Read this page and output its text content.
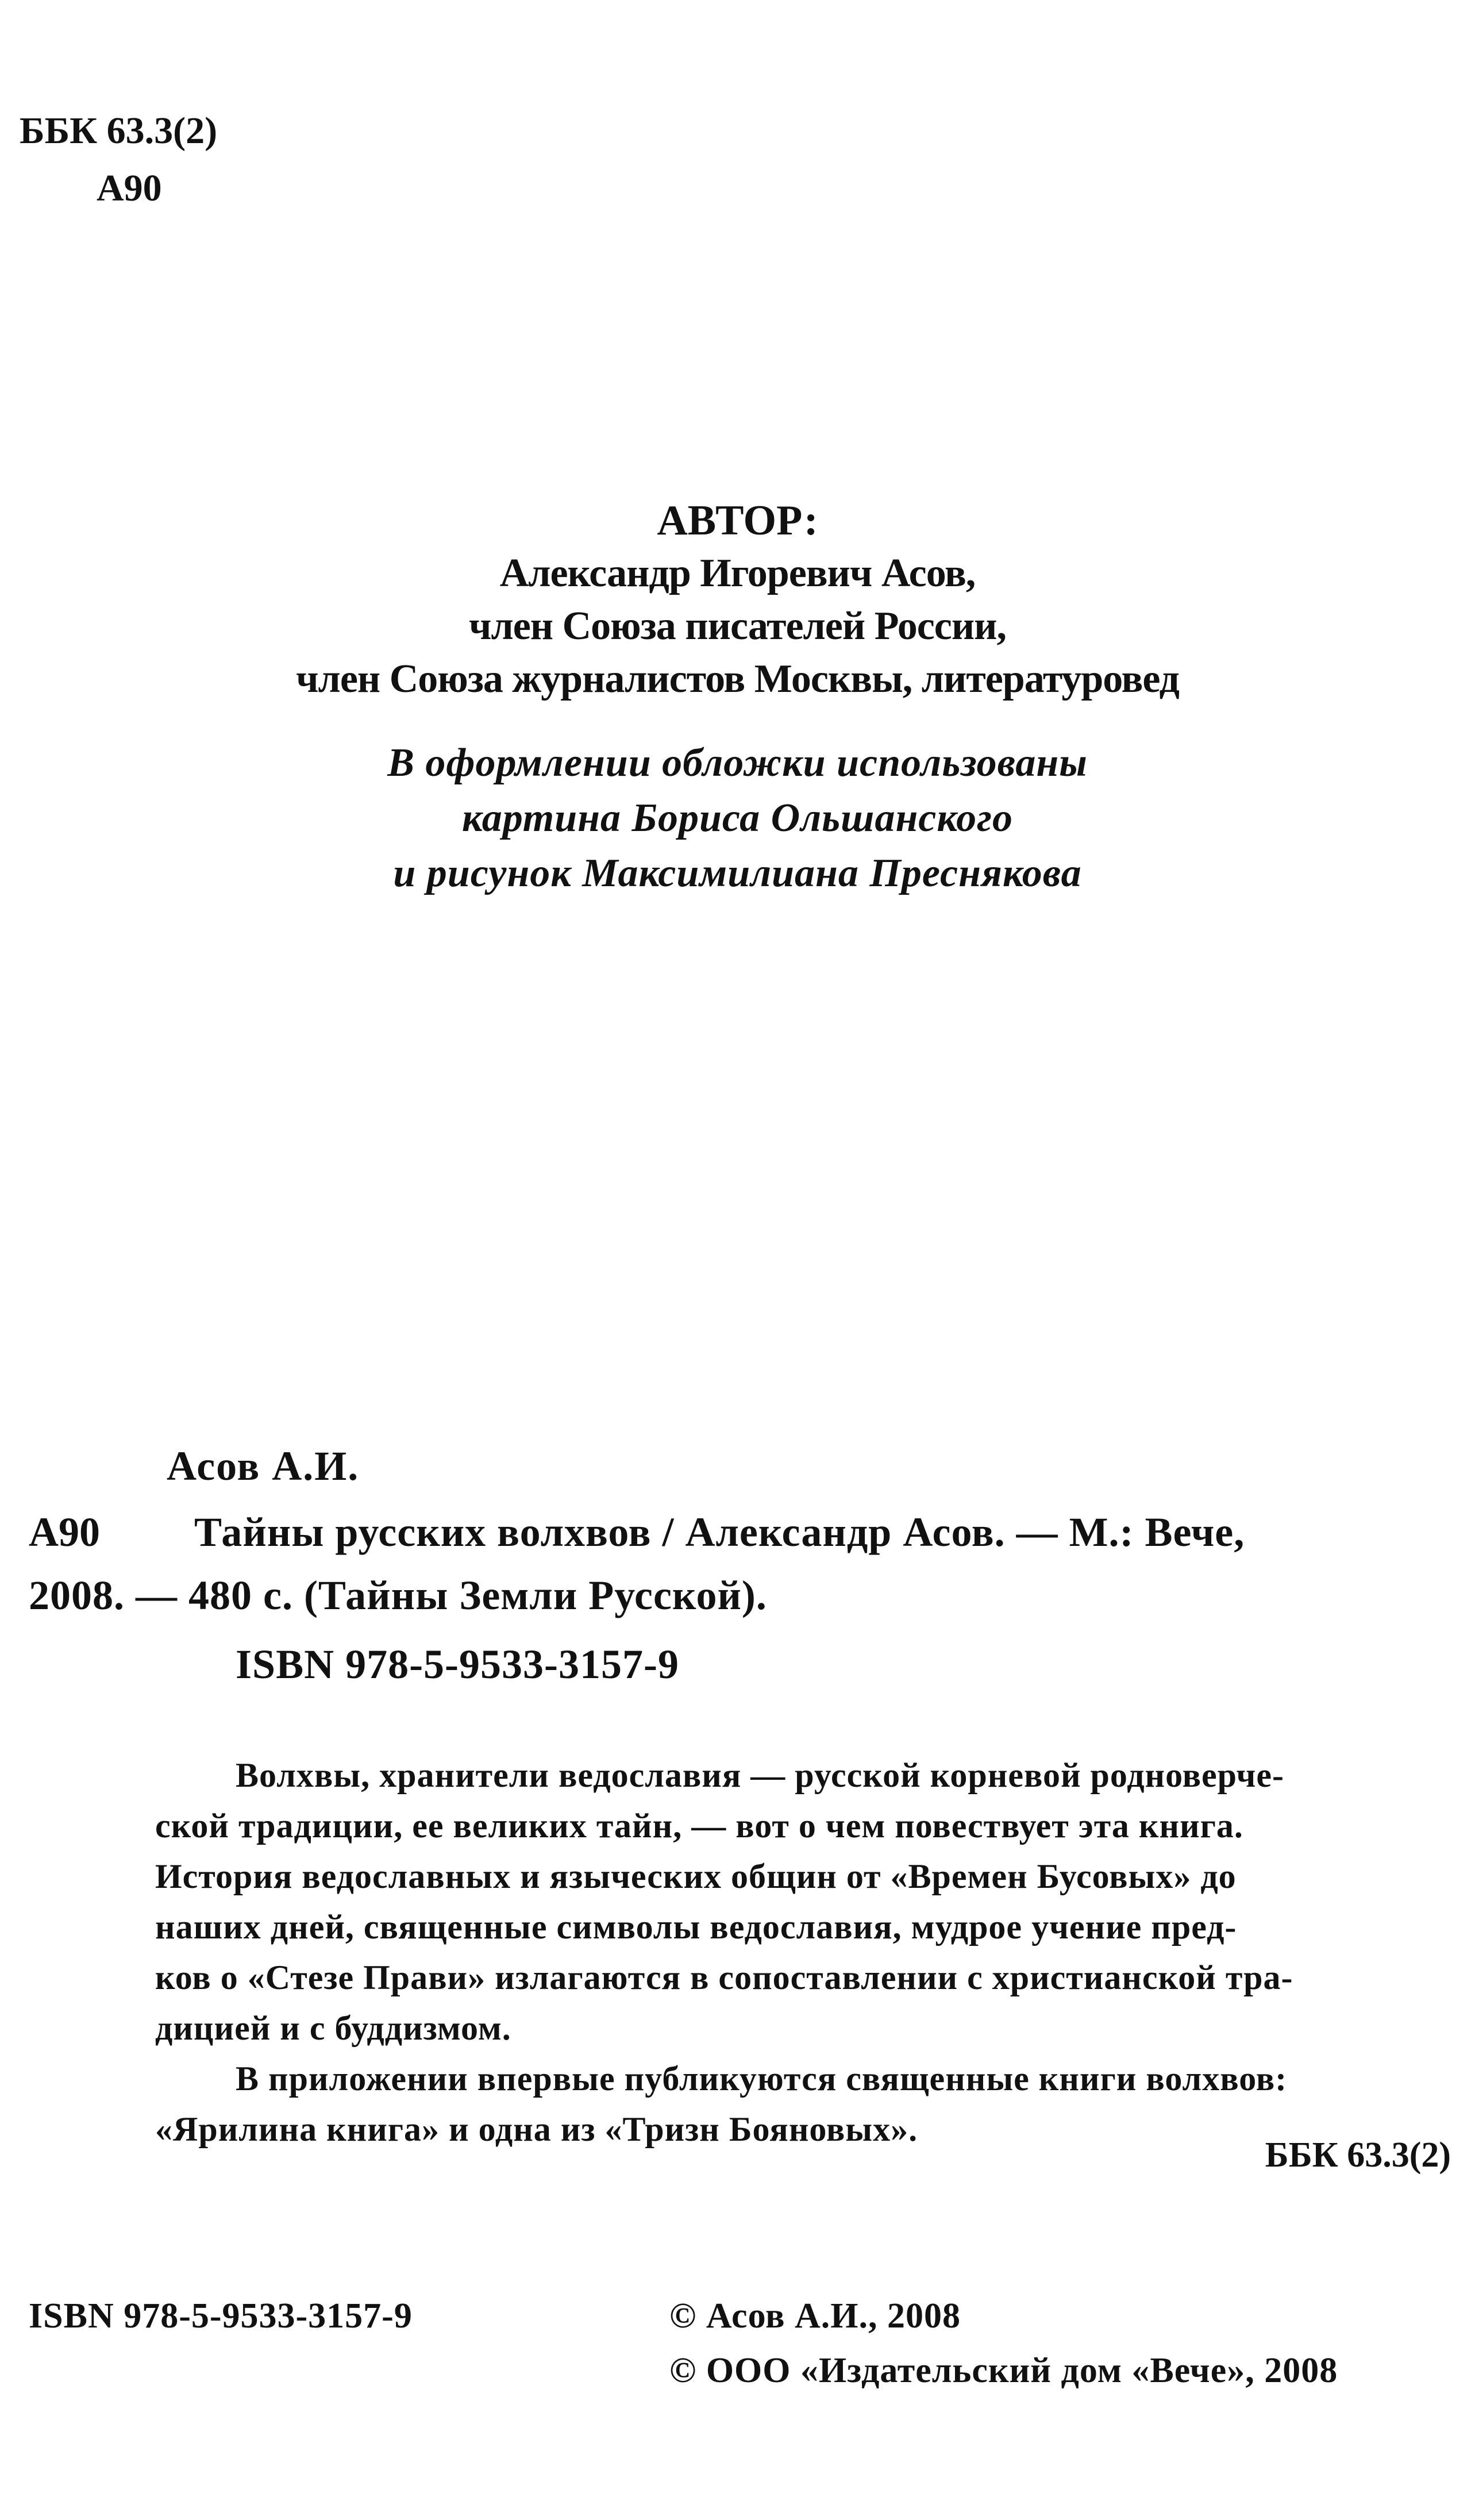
ББК 63.3(2)
А90
АВТОР:
Александр Игоревич Асов,
член Союза писателей России,
член Союза журналистов Москвы, литературовед
В оформлении обложки использованы
картина Бориса Ольшанского
и рисунок Максимилиана Преснякова
Асов А.И.
А90 Тайны русских волхвов / Александр Асов. — М.: Вече,
2008. — 480 с. (Тайны Земли Русской).
ISBN 978-5-9533-3157-9
Волхвы, хранители ведославия — русской корневой родноверче-
ской традиции, ее великих тайн, — вот о чем повествует эта книга.
История ведославных и языческих общин от «Времен Бусовых» до
наших дней, священные символы ведославия, мудрое учение пред-
ков о «Стезе Прави» излагаются в сопоставлении с христианской тра-
дицией и с буддизмом.
В приложении впервые публикуются священные книги волхвов:
«Ярилина книга» и одна из «Тризн Бояновых».
ББК 63.3(2)
ISBN 978-5-9533-3157-9	© Асов А.И., 2008
© ООО «Издательский дом «Вече», 2008
